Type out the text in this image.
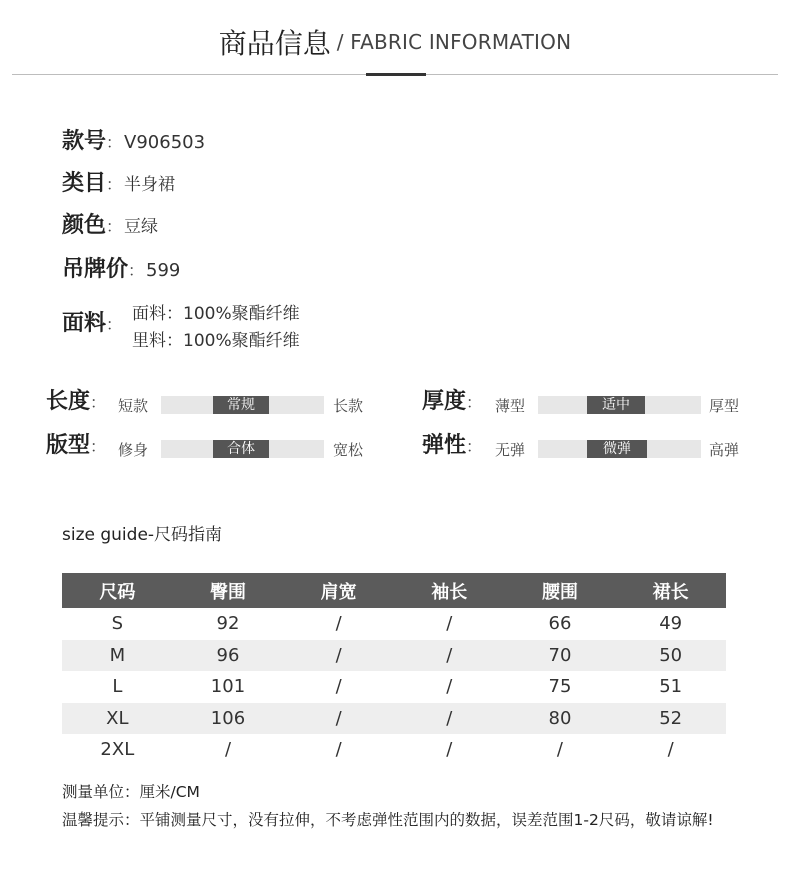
商品信息 / FABRIC INFORMATION
款号： V906503
类目： 半身裙
颜色： 豆绿
吊牌价： 599
面料：
面料：100%聚酯纤维
里料：100%聚酯纤维
长度： 短款	常规	长款	厚度： 薄型	适中	厚型
版型： 修身	合体	宽松	弹性： 无弹	微弹	高弹
size guide-尺码指南
尺码	臀围	肩宽	袖长	腰围	裙长
S	92	/	/	66	49
M	96	/	/	70	50
L	101	/	/	75	51
XL	106	/	/	80	52
2XL	/	/	/	/	/
测量单位：厘米/CM
温馨提示：平铺测量尺寸，没有拉伸，不考虑弹性范围内的数据，误差范围1-2尺码，敬请谅解!
